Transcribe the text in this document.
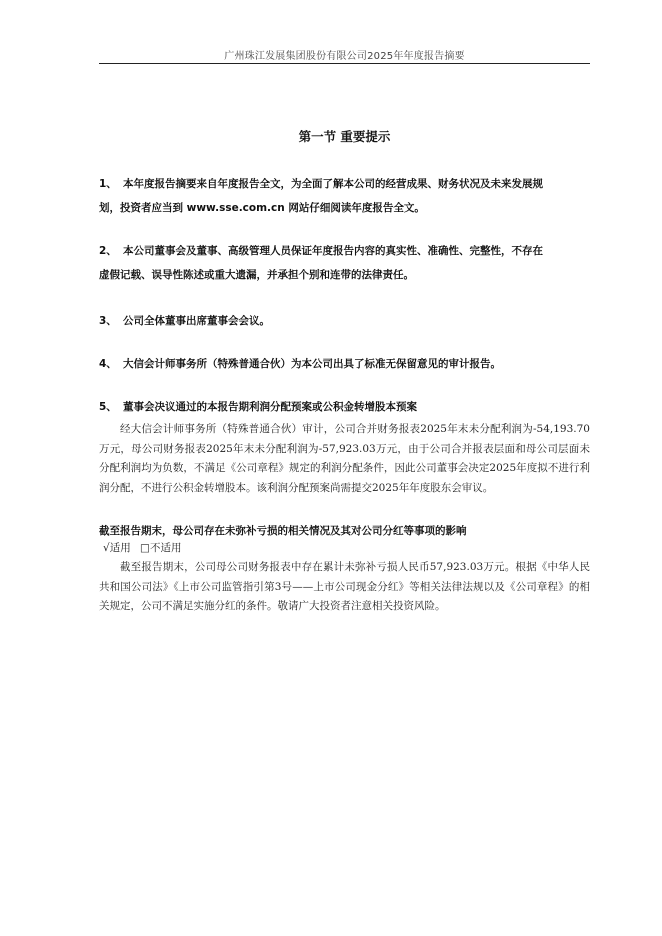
广州珠江发展集团股份有限公司2025年年度报告摘要
第一节 重要提示
1、 本年度报告摘要来自年度报告全文，为全面了解本公司的经营成果、财务状况及未来发展规
划，投资者应当到 www.sse.com.cn 网站仔细阅读年度报告全文。
2、 本公司董事会及董事、高级管理人员保证年度报告内容的真实性、准确性、完整性，不存在
虚假记载、误导性陈述或重大遗漏，并承担个别和连带的法律责任。
3、 公司全体董事出席董事会会议。
4、 大信会计师事务所（特殊普通合伙）为本公司出具了标准无保留意见的审计报告。
5、 董事会决议通过的本报告期利润分配预案或公积金转增股本预案
经大信会计师事务所（特殊普通合伙）审计，公司合并财务报表2025年末未分配利润为-54,193.70万元，母公司财务报表2025年末未分配利润为-57,923.03万元，由于公司合并报表层面和母公司层面未分配利润均为负数，不满足《公司章程》规定的利润分配条件，因此公司董事会决定2025年度拟不进行利润分配，不进行公积金转增股本。该利润分配预案尚需提交2025年年度股东会审议。
截至报告期末，母公司存在未弥补亏损的相关情况及其对公司分红等事项的影响
√适用 □不适用
截至报告期末，公司母公司财务报表中存在累计未弥补亏损人民币57,923.03万元。根据《中华人民共和国公司法》《上市公司监管指引第3号——上市公司现金分红》等相关法律法规以及《公司章程》的相关规定，公司不满足实施分红的条件。敬请广大投资者注意相关投资风险。
